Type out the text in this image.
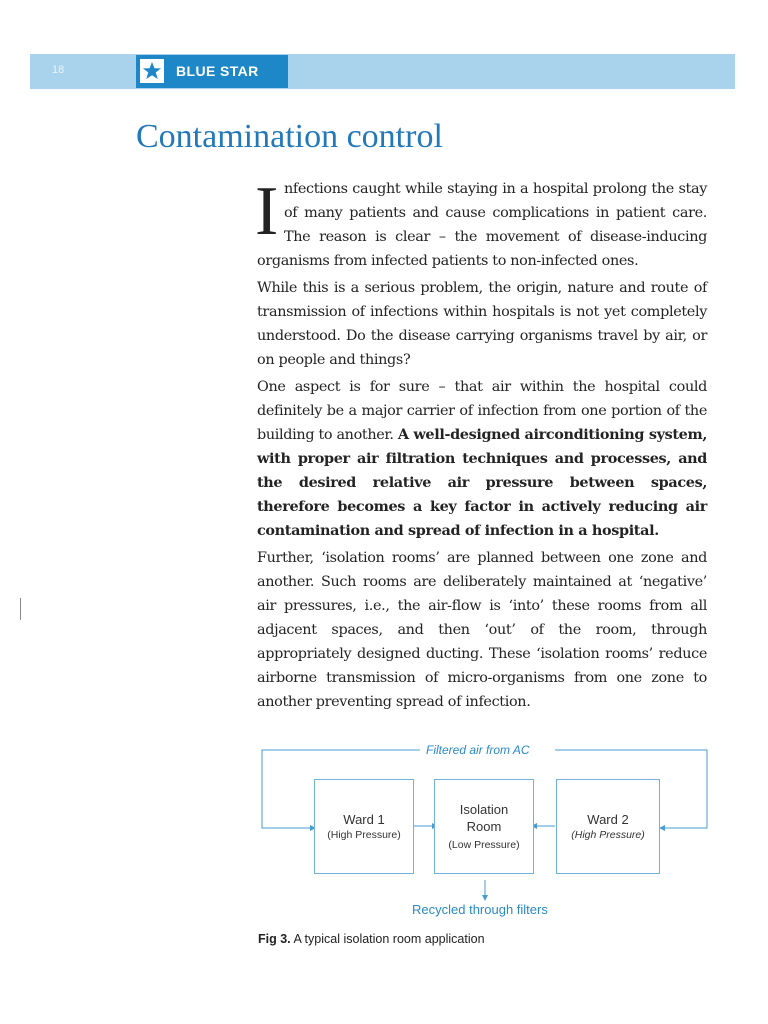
18	BLUE STAR
Contamination control

Infections caught while staying in a hospital prolong the stay of many patients and cause complications in patient care. The reason is clear – the movement of disease-inducing organisms from infected patients to non-infected ones.

While this is a serious problem, the origin, nature and route of transmission of infections within hospitals is not yet completely understood. Do the disease carrying organisms travel by air, or on people and things?

One aspect is for sure – that air within the hospital could definitely be a major carrier of infection from one portion of the building to another. A well-designed airconditioning system, with proper air filtration techniques and processes, and the desired relative air pressure between spaces, therefore becomes a key factor in actively reducing air contamination and spread of infection in a hospital.

Further, ‘isolation rooms’ are planned between one zone and another. Such rooms are deliberately maintained at ‘negative’ air pressures, i.e., the air-flow is ‘into’ these rooms from all adjacent spaces, and then ‘out’ of the room, through appropriately designed ducting. These ‘isolation rooms’ reduce airborne transmission of micro-organisms from one zone to another preventing spread of infection.

Filtered air from AC
Ward 1
(High Pressure)
Isolation
Room
(Low Pressure)
Ward 2
(High Pressure)
Recycled through filters
Fig 3. A typical isolation room application
